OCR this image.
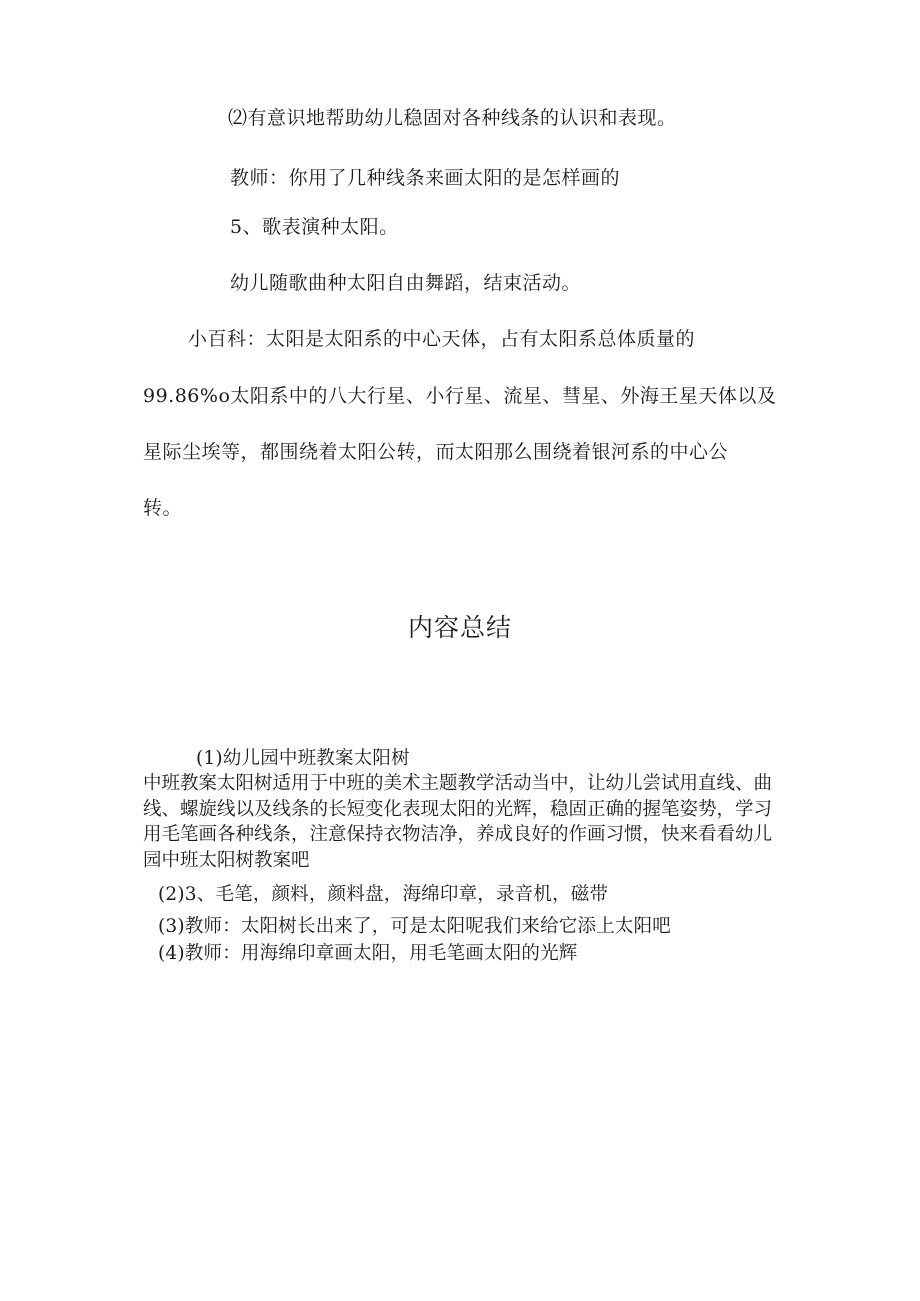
⑵有意识地帮助幼儿稳固对各种线条的认识和表现。
教师：你用了几种线条来画太阳的是怎样画的
5、歌表演种太阳。
幼儿随歌曲种太阳自由舞蹈，结束活动。
小百科：太阳是太阳系的中心天体，占有太阳系总体质量的
99.86%o太阳系中的八大行星、小行星、流星、彗星、外海王星天体以及
星际尘埃等，都围绕着太阳公转，而太阳那么围绕着银河系的中心公
转。
内容总结
(1)幼儿园中班教案太阳树
中班教案太阳树适用于中班的美术主题教学活动当中，让幼儿尝试用直线、曲线、螺旋线以及线条的长短变化表现太阳的光辉，稳固正确的握笔姿势，学习用毛笔画各种线条，注意保持衣物洁净，养成良好的作画习惯，快来看看幼儿园中班太阳树教案吧
(2)3、毛笔，颜料，颜料盘，海绵印章，录音机，磁带
(3)教师：太阳树长出来了，可是太阳呢我们来给它添上太阳吧
(4)教师：用海绵印章画太阳，用毛笔画太阳的光辉
